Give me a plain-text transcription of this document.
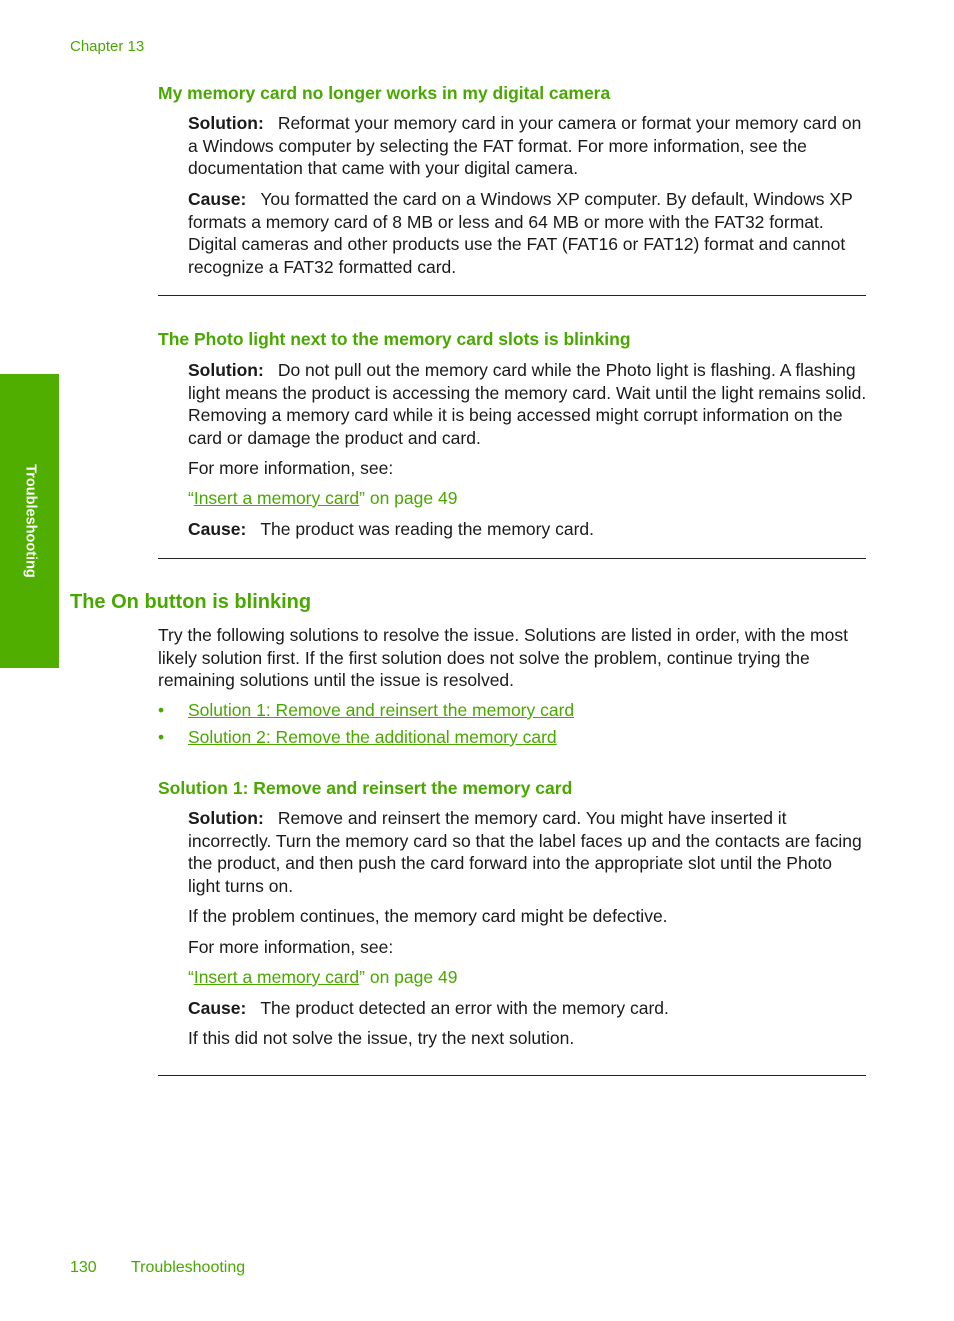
Chapter 13
Troubleshooting
My memory card no longer works in my digital camera
Solution: Reformat your memory card in your camera or format your memory card on a Windows computer by selecting the FAT format. For more information, see the documentation that came with your digital camera.
Cause: You formatted the card on a Windows XP computer. By default, Windows XP formats a memory card of 8 MB or less and 64 MB or more with the FAT32 format. Digital cameras and other products use the FAT (FAT16 or FAT12) format and cannot recognize a FAT32 formatted card.
The Photo light next to the memory card slots is blinking
Solution: Do not pull out the memory card while the Photo light is flashing. A flashing light means the product is accessing the memory card. Wait until the light remains solid. Removing a memory card while it is being accessed might corrupt information on the card or damage the product and card.
For more information, see:
“Insert a memory card” on page 49
Cause: The product was reading the memory card.
The On button is blinking
Try the following solutions to resolve the issue. Solutions are listed in order, with the most likely solution first. If the first solution does not solve the problem, continue trying the remaining solutions until the issue is resolved.
• Solution 1: Remove and reinsert the memory card
• Solution 2: Remove the additional memory card
Solution 1: Remove and reinsert the memory card
Solution: Remove and reinsert the memory card. You might have inserted it incorrectly. Turn the memory card so that the label faces up and the contacts are facing the product, and then push the card forward into the appropriate slot until the Photo light turns on.
If the problem continues, the memory card might be defective.
For more information, see:
“Insert a memory card” on page 49
Cause: The product detected an error with the memory card.
If this did not solve the issue, try the next solution.
130 Troubleshooting
